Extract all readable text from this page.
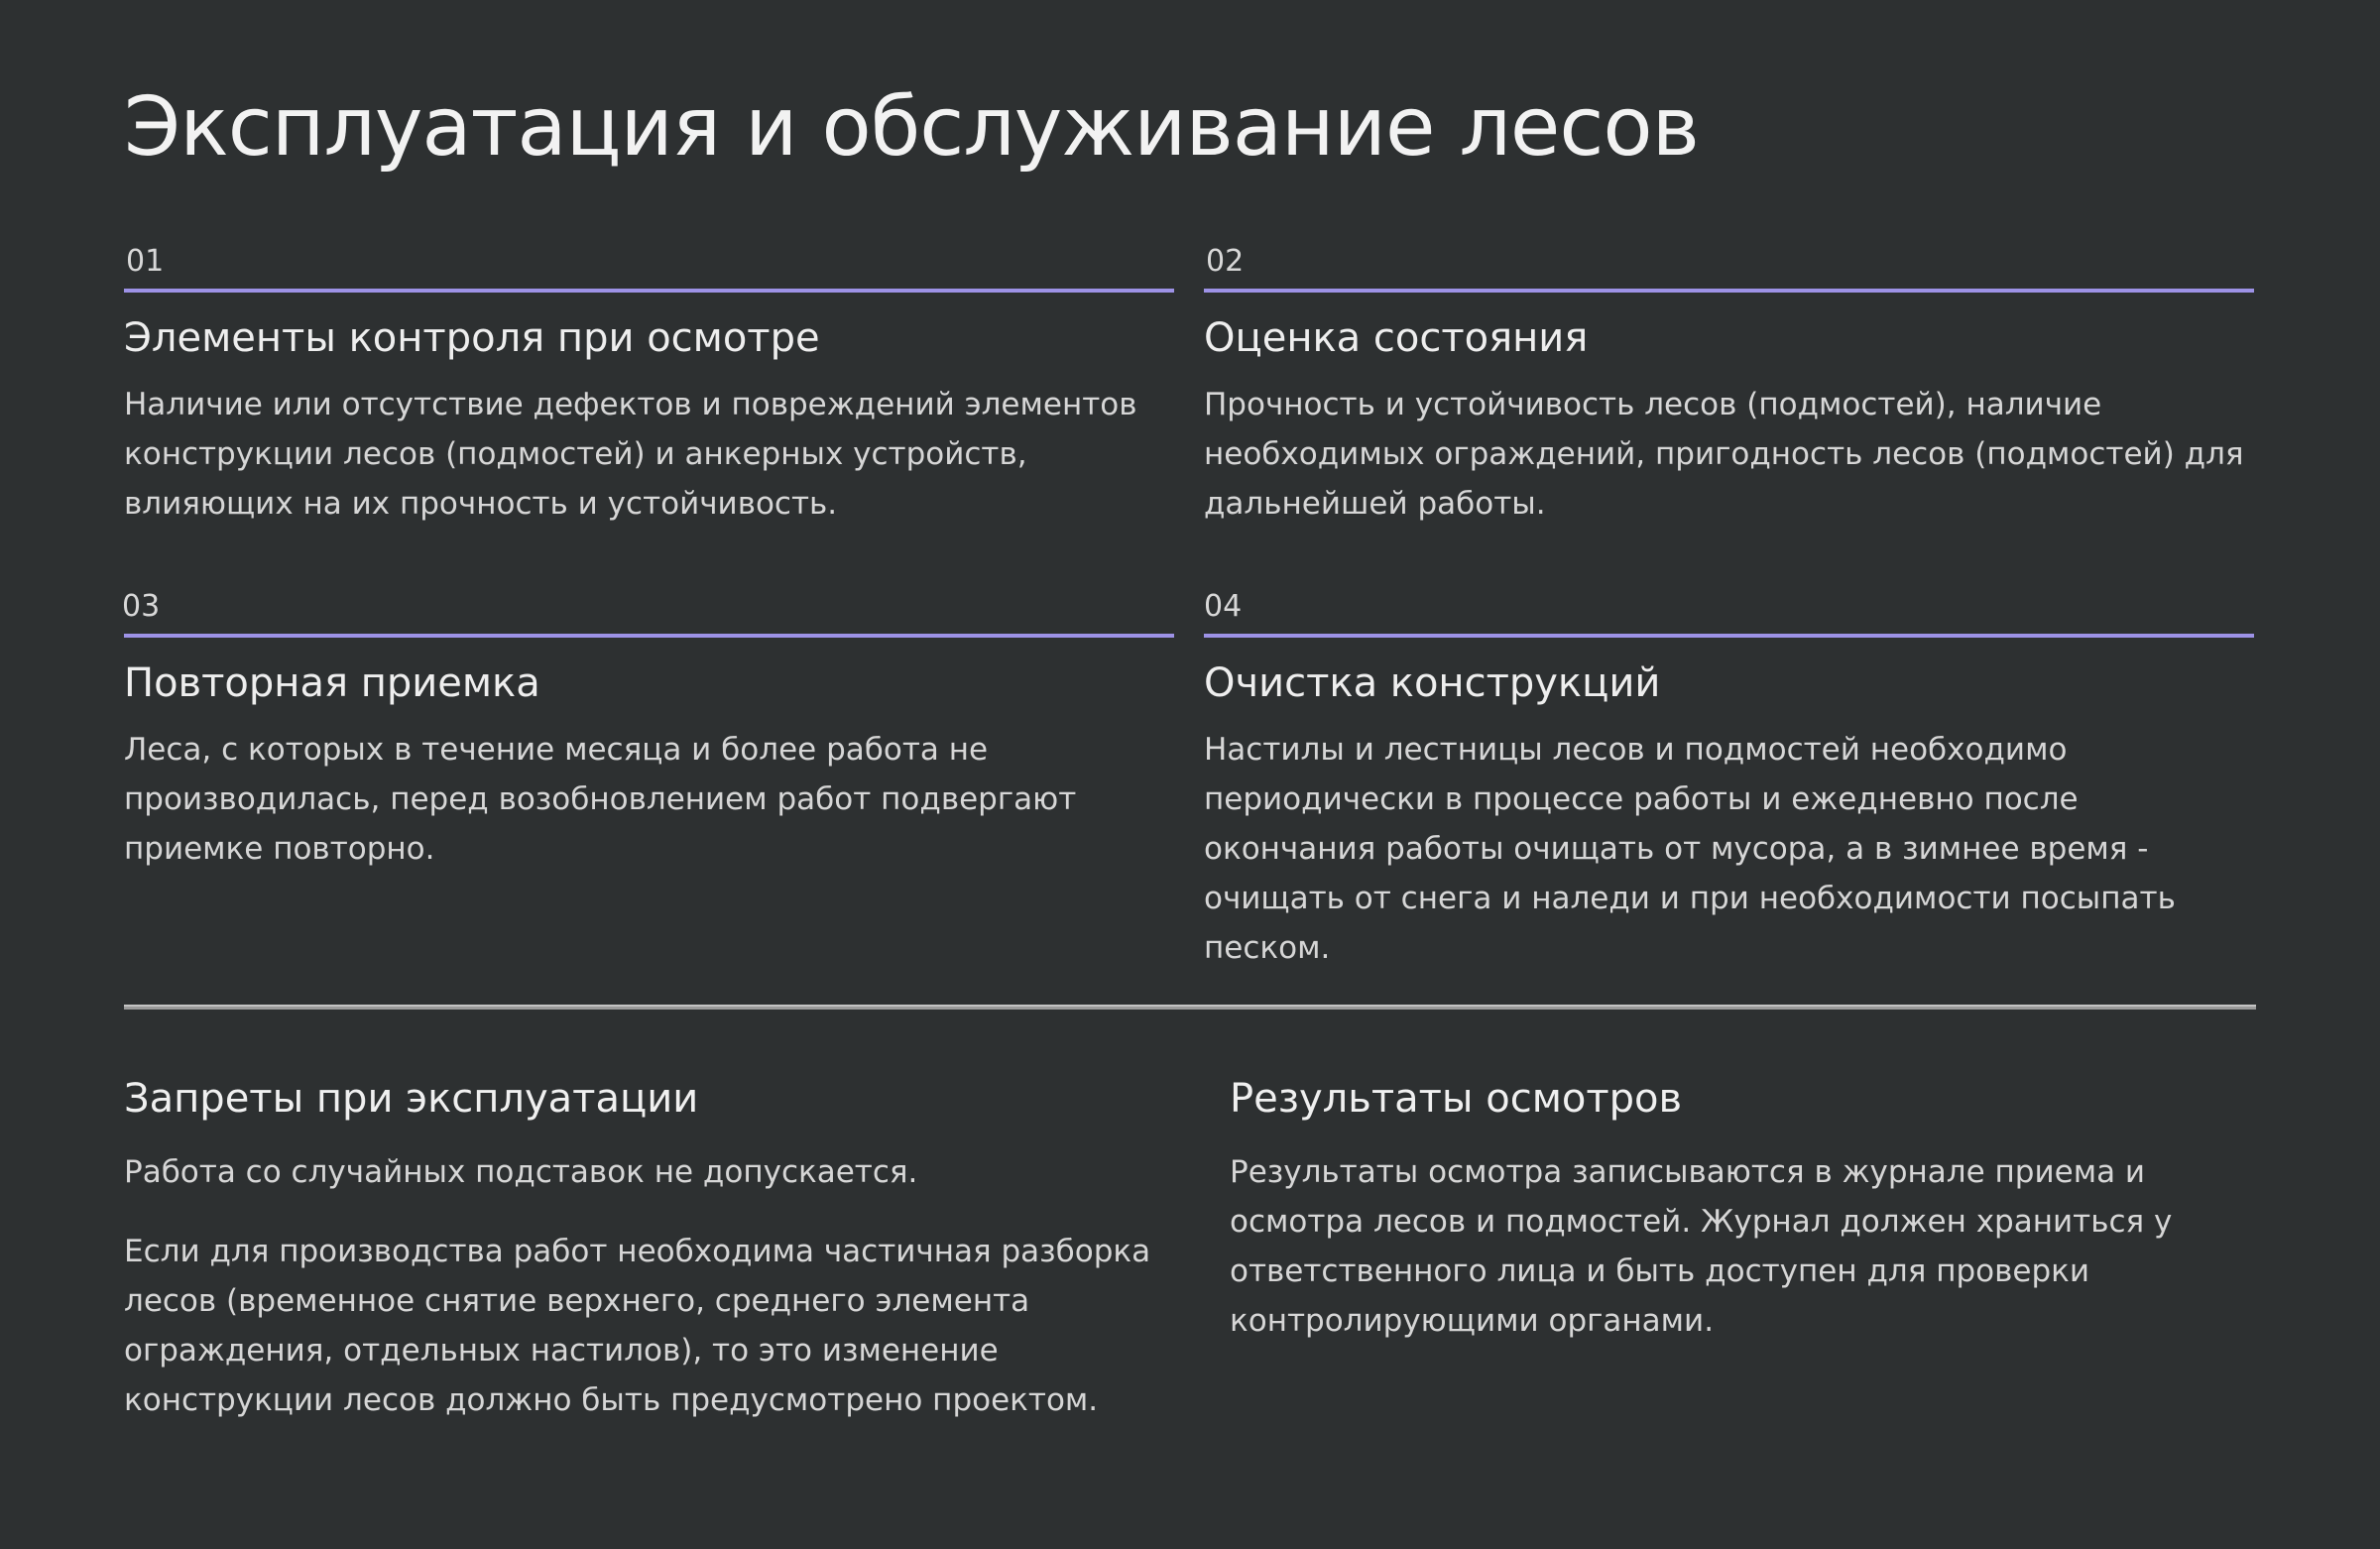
Эксплуатация и обслуживание лесов
01
Элементы контроля при осмотре

Наличие или отсутствие дефектов и повреждений элементов конструкции лесов (подмостей) и анкерных устройств, влияющих на их прочность и устойчивость.

02
Оценка состояния

Прочность и устойчивость лесов (подмостей), наличие необходимых ограждений, пригодность лесов (подмостей) для дальнейшей работы.

03
Повторная приемка

Леса, с которых в течение месяца и более работа не производилась, перед возобновлением работ подвергают приемке повторно.

04
Очистка конструкций

Настилы и лестницы лесов и подмостей необходимо периодически в процессе работы и ежедневно после окончания работы очищать от мусора, а в зимнее время - очищать от снега и наледи и при необходимости посыпать песком.

Запреты при эксплуатации

Работа со случайных подставок не допускается.

Если для производства работ необходима частичная разборка лесов (временное снятие верхнего, среднего элемента ограждения, отдельных настилов), то это изменение конструкции лесов должно быть предусмотрено проектом.

Результаты осмотров

Результаты осмотра записываются в журнале приема и осмотра лесов и подмостей. Журнал должен храниться у ответственного лица и быть доступен для проверки контролирующими органами.
